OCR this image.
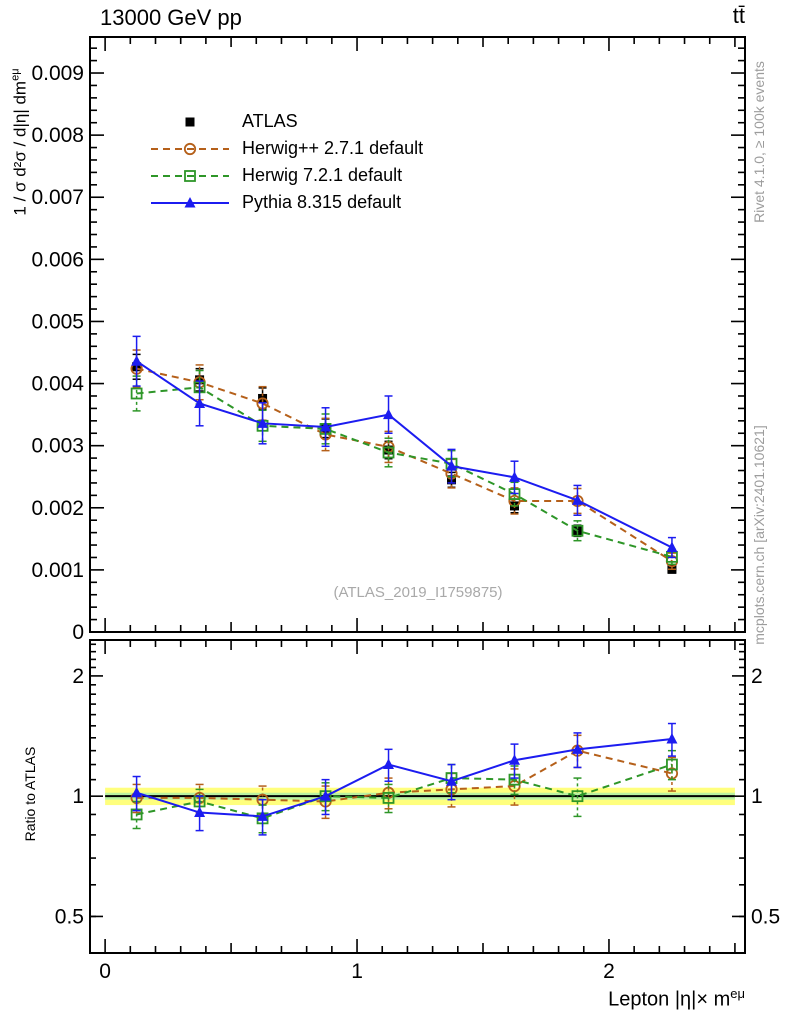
13000 GeV pp	tt̄
Rivet 4.1.0, ≥ 100k events
mcplots.cern.ch [arXiv:2401.10621]
1 / σ d²σ / d|η| $dm^{e\mu}$
Ratio to ATLAS
Lepton $|\eta|\times m^{e\mu}$
(ATLAS_2019_I1759875)
ATLAS
Herwig++ 2.7.1 default
Herwig 7.2.1 default
Pythia 8.315 default
0
0.001
0.002
0.003
0.004
0.005
0.006
0.007
0.008
0.009
0.5	0.5
1	1
2	2
0	1	2
